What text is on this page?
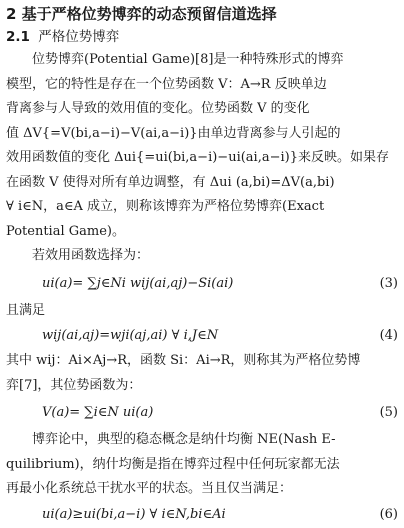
2 基于严格位势博弈的动态预留信道选择
2.1 严格位势博弈

位势博弈(Potential Game)[8]是一种特殊形式的博弈

模型，它的特性是存在一个位势函数 V：A→R 反映单边

背离参与人导致的效用值的变化。位势函数 V 的变化

值 ΔV{=V(bi,a−i)−V(ai,a−i)}由单边背离参与人引起的

效用函数值的变化 Δui{=ui(bi,a−i)−ui(ai,a−i)}来反映。如果存

在函数 V 使得对所有单边调整，有 Δui (a,bi)=ΔV(a,bi)

∀ i∈N，a∈A 成立，则称该博弈为严格位势博弈(Exact

Potential Game)。

若效用函数选择为：

ui(a)= ∑j∈Ni wij(ai,aj)−Si(ai)	(3)

且满足

wij(ai,aj)=wji(aj,ai) ∀ i,J∈N	(4)

其中 wij：Ai×Aj→R，函数 Si：Ai→R，则称其为严格位势博

弈[7]，其位势函数为：

V(a)= ∑i∈N ui(a)	(5)

博弈论中，典型的稳态概念是纳什均衡 NE(Nash E-

quilibrium)，纳什均衡是指在博弈过程中任何玩家都无法

再最小化系统总干扰水平的状态。当且仅当满足：

ui(a)≥ui(bi,a−i) ∀ i∈N,bi∈Ai	(6)
